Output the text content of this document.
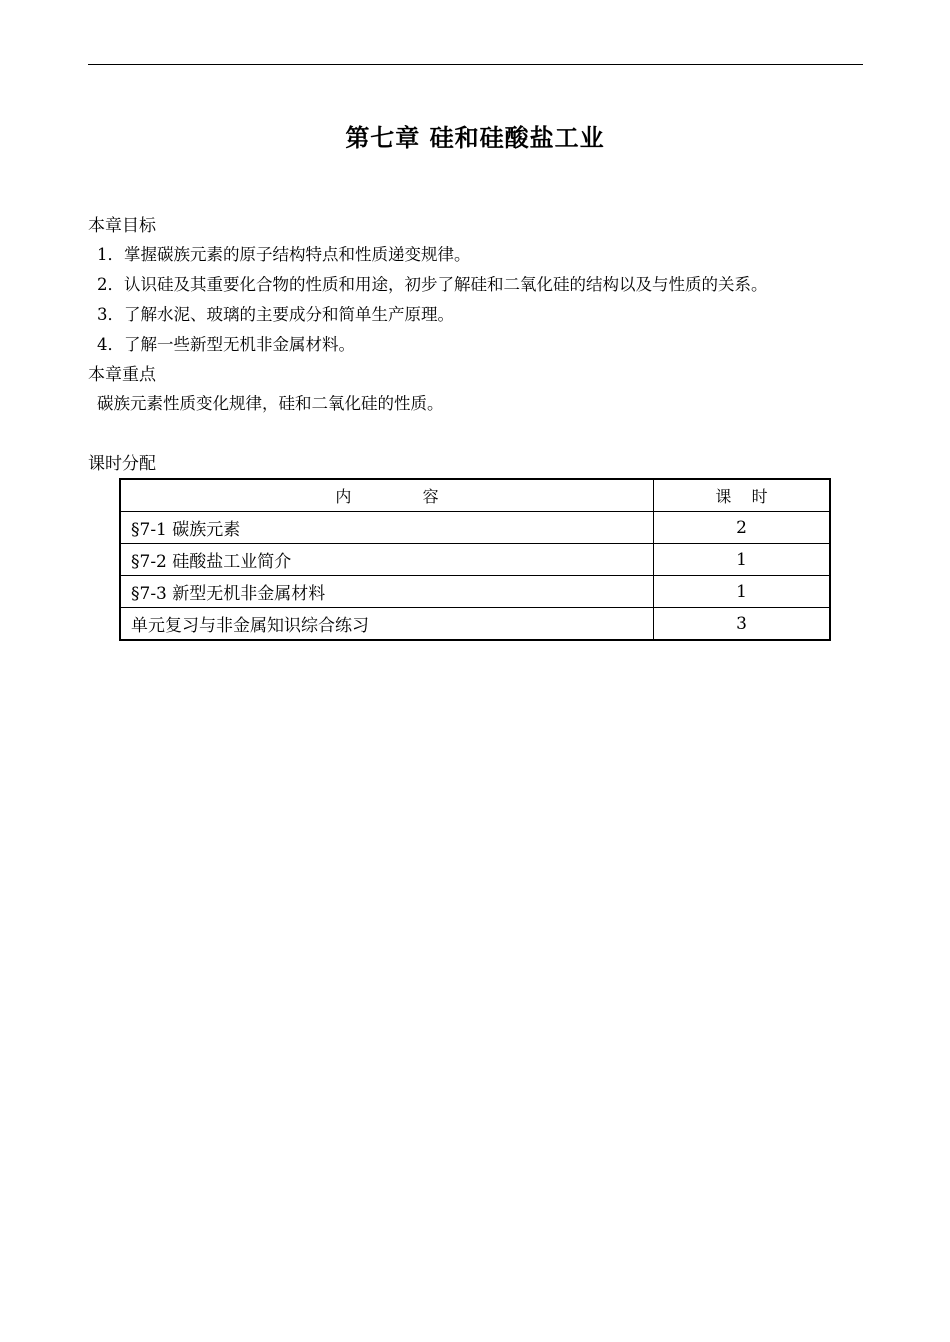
第七章 硅和硅酸盐工业
本章目标
1．掌握碳族元素的原子结构特点和性质递变规律。
2．认识硅及其重要化合物的性质和用途，初步了解硅和二氧化硅的结构以及与性质的关系。
3．了解水泥、玻璃的主要成分和简单生产原理。
4．了解一些新型无机非金属材料。
本章重点
碳族元素性质变化规律，硅和二氧化硅的性质。
课时分配
内              容	课    时
§7-1 碳族元素	2
§7-2 硅酸盐工业简介	1
§7-3 新型无机非金属材料	1
单元复习与非金属知识综合练习	3
